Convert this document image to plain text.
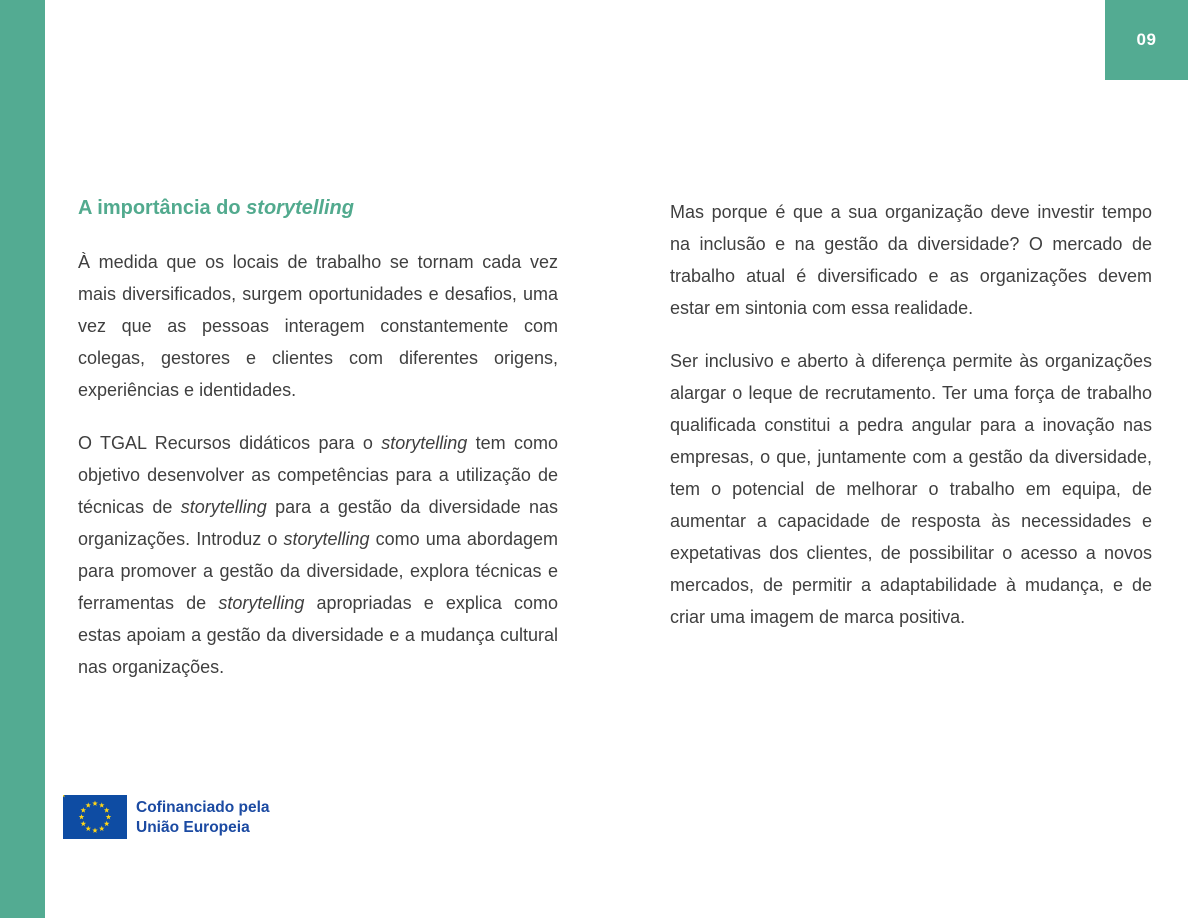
09
A importância do storytelling

À medida que os locais de trabalho se tornam cada vez mais diversificados, surgem oportunidades e desafios, uma vez que as pessoas interagem constantemente com colegas, gestores e clientes com diferentes origens, experiências e identidades.

O TGAL Recursos didáticos para o storytelling tem como objetivo desenvolver as competências para a utilização de técnicas de storytelling para a gestão da diversidade nas organizações. Introduz o storytelling como uma abordagem para promover a gestão da diversidade, explora técnicas e ferramentas de storytelling apropriadas e explica como estas apoiam a gestão da diversidade e a mudança cultural nas organizações.

Mas porque é que a sua organização deve investir tempo na inclusão e na gestão da diversidade? O mercado de trabalho atual é diversificado e as organizações devem estar em sintonia com essa realidade.

Ser inclusivo e aberto à diferença permite às organizações alargar o leque de recrutamento. Ter uma força de trabalho qualificada constitui a pedra angular para a inovação nas empresas, o que, juntamente com a gestão da diversidade, tem o potencial de melhorar o trabalho em equipa, de aumentar a capacidade de resposta às necessidades e expetativas dos clientes, de possibilitar o acesso a novos mercados, de permitir a adaptabilidade à mudança, e de criar uma imagem de marca positiva.

Cofinanciado pela
União Europeia
